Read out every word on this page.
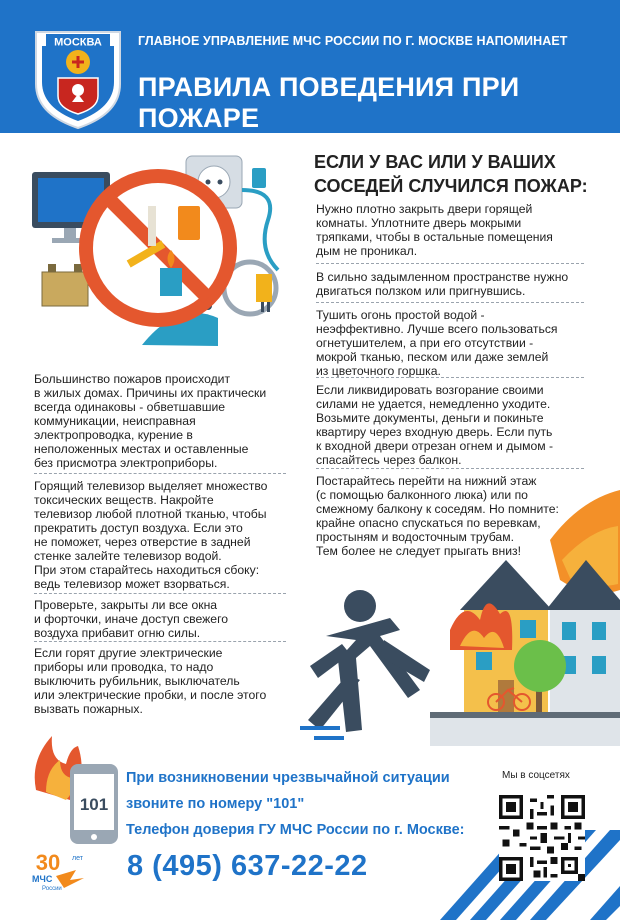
МОСКВА	ГЛАВНОЕ УПРАВЛЕНИЕ МЧС РОССИИ ПО Г. МОСКВЕ НАПОМИНАЕТ
ПРАВИЛА ПОВЕДЕНИЯ ПРИ ПОЖАРЕ
ЕСЛИ У ВАС ИЛИ У ВАШИХ
СОСЕДЕЙ СЛУЧИЛСЯ ПОЖАР:
Нужно плотно закрыть двери горящей
комнаты. Уплотните дверь мокрыми
тряпками, чтобы в остальные помещения
дым не проникал.
В сильно задымленном пространстве нужно
двигаться ползком или пригнувшись.
Тушить огонь простой водой -
неэффективно. Лучше всего пользоваться
огнетушителем, а при его отсутствии -
мокрой тканью, песком или даже землей
из цветочного горшка.
Если ликвидировать возгорание своими
силами не удается, немедленно уходите.
Возьмите документы, деньги и покиньте
квартиру через входную дверь. Если путь
к входной двери отрезан огнем и дымом -
спасайтесь через балкон.
Постарайтесь перейти на нижний этаж
(с помощью балконного люка) или по
смежному балкону к соседям. Но помните:
крайне опасно спускаться по веревкам,
простыням и водосточным трубам.
Тем более не следует прыгать вниз!
Большинство пожаров происходит
в жилых домах. Причины их практически
всегда одинаковы - обветшавшие
коммуникации, неисправная
электропроводка, курение в
неположенных местах и оставленные
без присмотра электроприборы.
Горящий телевизор выделяет множество
токсических веществ. Накройте
телевизор любой плотной тканью, чтобы
прекратить доступ воздуха. Если это
не поможет, через отверстие в задней
стенке залейте телевизор водой.
При этом старайтесь находиться сбоку:
ведь телевизор может взорваться.
Проверьте, закрыты ли все окна
и форточки, иначе доступ свежего
воздуха прибавит огню силы.
Если горят другие электрические
приборы или проводка, то надо
выключить рубильник, выключатель
или электрические пробки, и после этого
вызвать пожарных.
101
При возникновении чрезвычайной ситуации
звоните по номеру "101"
Телефон доверия ГУ МЧС России по г. Москве:
8 (495) 637-22-22
Мы в соцсетях
30 лет
МЧС
России
